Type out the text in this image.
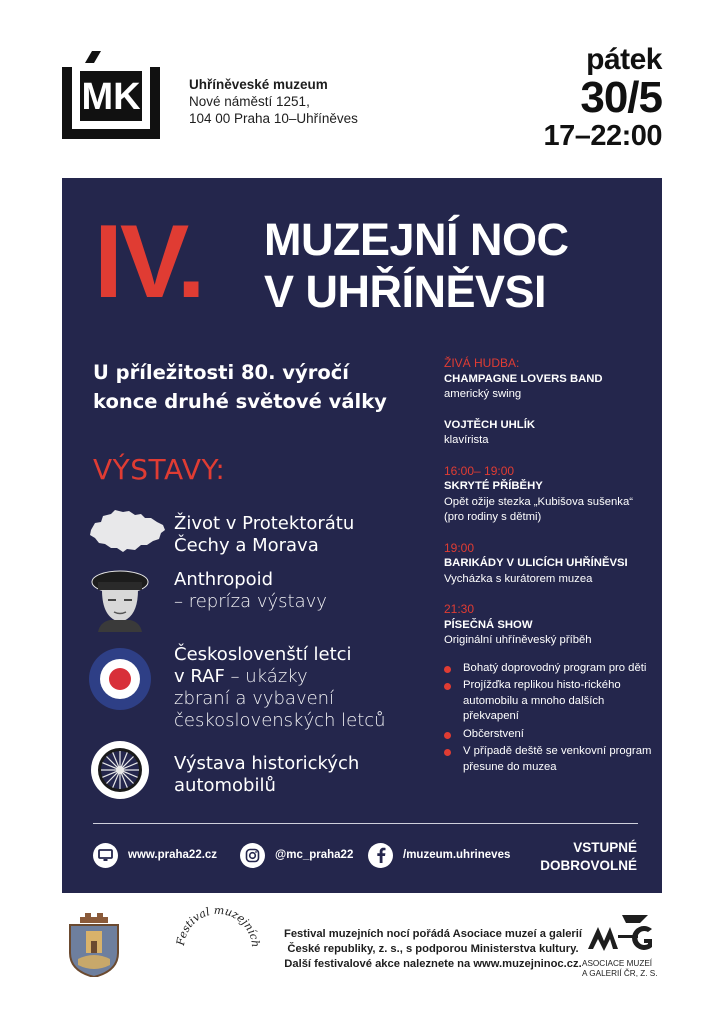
MK	Uhříněveské muzeum
Nové náměstí 1251,
104 00 Praha 10–Uhříněves
pátek
30/5
17–22:00
IV. MUZEJNÍ NOC
V UHŘÍNĚVSI
U příležitosti 80. výročí
konce druhé světové války
VÝSTAVY:
Život v Protektorátu
Čechy a Morava
Anthropoid
– repríza výstavy
Českoslovenští letci
v RAF – ukázky
zbraní a vybavení
československých letců
Výstava historických
automobilů
ŽIVÁ HUDBA:
CHAMPAGNE LOVERS BAND
americký swing
VOJTĚCH UHLÍK
klavírista
16:00– 19:00
SKRYTÉ PŘÍBĚHY
Opět ožije stezka „Kubišova sušenka“ (pro rodiny s dětmi)
19:00
BARIKÁDY V ULICÍCH UHŘÍNĚVSI
Vycházka s kurátorem muzea
21:30
PÍSEČNÁ SHOW
Originální uhříněveský příběh
Bohatý doprovodný program pro děti
Projížďka replikou histo-rického automobilu a mnoho dalších překvapení
Občerstvení
V případě deště se venkovní program přesune do muzea
www.praha22.cz	@mc_praha22	/muzeum.uhrineves	VSTUPNÉ
DOBROVOLNÉ
Festival muzejních
Festival muzejních nocí pořádá Asociace muzeí a galerií
České republiky, z. s., s podporou Ministerstva kultury.
Další festivalové akce naleznete na www.muzejninoc.cz. ASOCIACE MUZEÍ
A GALERIÍ ČR, Z. S.
